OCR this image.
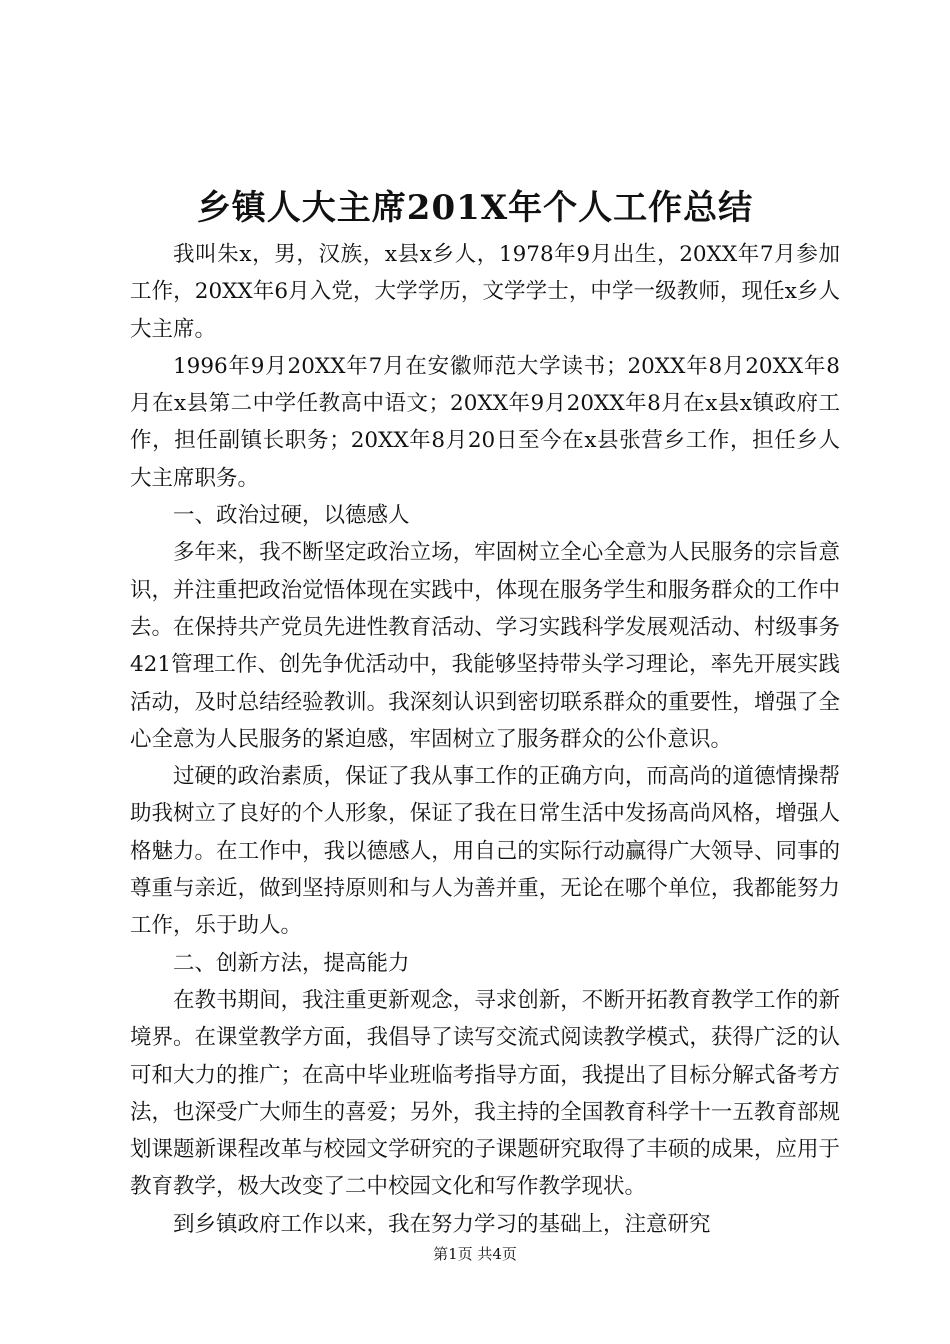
乡镇人大主席201X年个人工作总结

我叫朱x，男，汉族，x县x乡人，1978年9月出生，20XX年7月参加工作，20XX年6月入党，大学学历，文学学士，中学一级教师，现任x乡人大主席。

1996年9月20XX年7月在安徽师范大学读书；20XX年8月20XX年8月在x县第二中学任教高中语文；20XX年9月20XX年8月在x县x镇政府工作，担任副镇长职务；20XX年8月20日至今在x县张营乡工作，担任乡人大主席职务。

一、政治过硬，以德感人

多年来，我不断坚定政治立场，牢固树立全心全意为人民服务的宗旨意识，并注重把政治觉悟体现在实践中，体现在服务学生和服务群众的工作中去。在保持共产党员先进性教育活动、学习实践科学发展观活动、村级事务421管理工作、创先争优活动中，我能够坚持带头学习理论，率先开展实践活动，及时总结经验教训。我深刻认识到密切联系群众的重要性，增强了全心全意为人民服务的紧迫感，牢固树立了服务群众的公仆意识。

过硬的政治素质，保证了我从事工作的正确方向，而高尚的道德情操帮助我树立了良好的个人形象，保证了我在日常生活中发扬高尚风格，增强人格魅力。在工作中，我以德感人，用自己的实际行动赢得广大领导、同事的尊重与亲近，做到坚持原则和与人为善并重，无论在哪个单位，我都能努力工作，乐于助人。

二、创新方法，提高能力

在教书期间，我注重更新观念，寻求创新，不断开拓教育教学工作的新境界。在课堂教学方面，我倡导了读写交流式阅读教学模式，获得广泛的认可和大力的推广；在高中毕业班临考指导方面，我提出了目标分解式备考方法，也深受广大师生的喜爱；另外，我主持的全国教育科学十一五教育部规划课题新课程改革与校园文学研究的子课题研究取得了丰硕的成果，应用于教育教学，极大改变了二中校园文化和写作教学现状。

到乡镇政府工作以来，我在努力学习的基础上，注意研究

第1页 共4页
